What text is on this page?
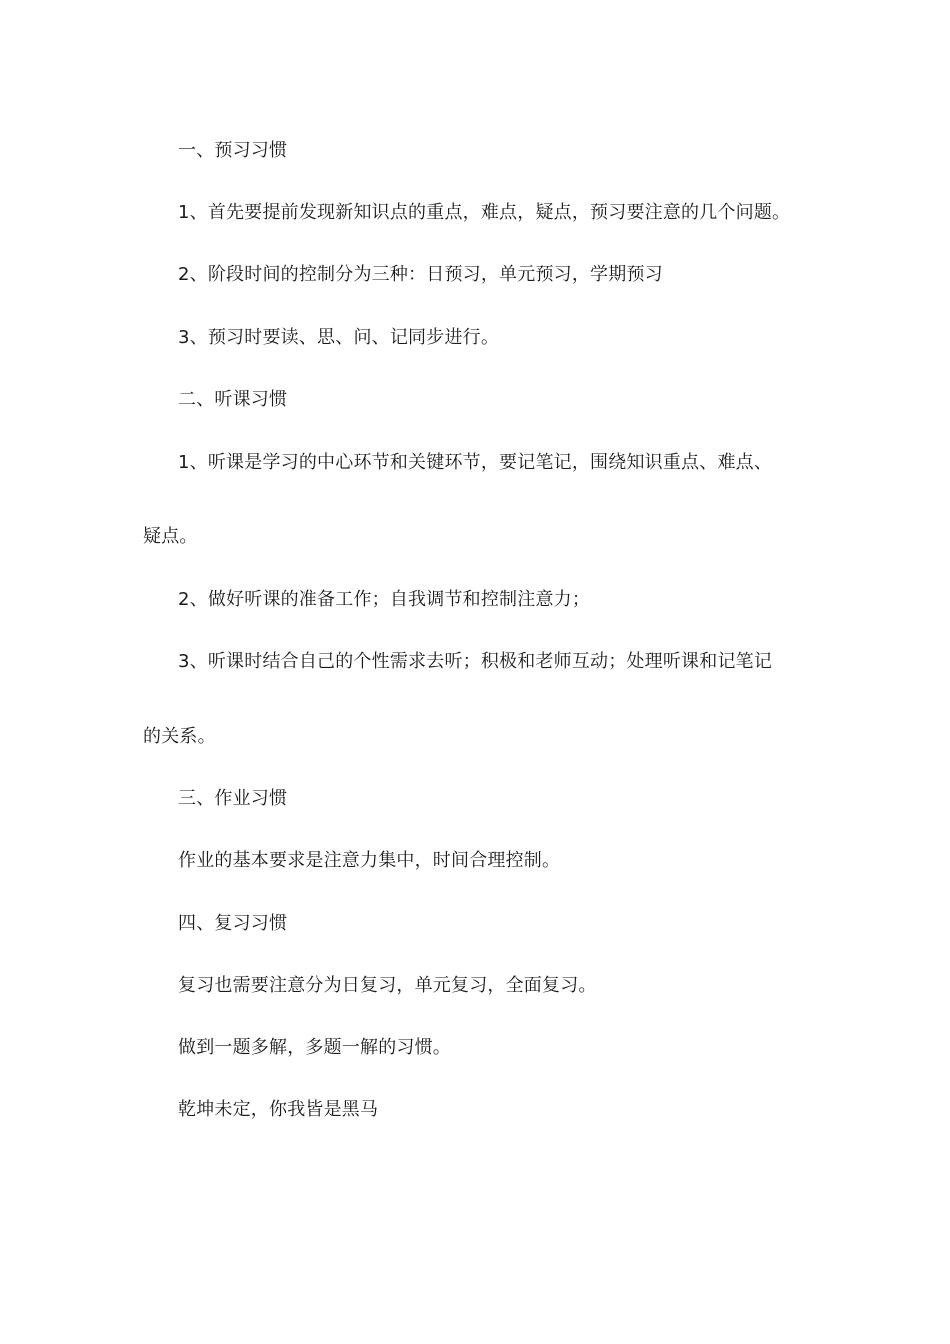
一、预习习惯
1、首先要提前发现新知识点的重点，难点，疑点，预习要注意的几个问题。
2、阶段时间的控制分为三种：日预习，单元预习，学期预习
3、预习时要读、思、问、记同步进行。
二、听课习惯
1、听课是学习的中心环节和关键环节，要记笔记，围绕知识重点、难点、
疑点。
2、做好听课的准备工作；自我调节和控制注意力；
3、听课时结合自己的个性需求去听；积极和老师互动；处理听课和记笔记
的关系。
三、作业习惯
作业的基本要求是注意力集中，时间合理控制。
四、复习习惯
复习也需要注意分为日复习，单元复习，全面复习。
做到一题多解，多题一解的习惯。
乾坤未定，你我皆是黑马
